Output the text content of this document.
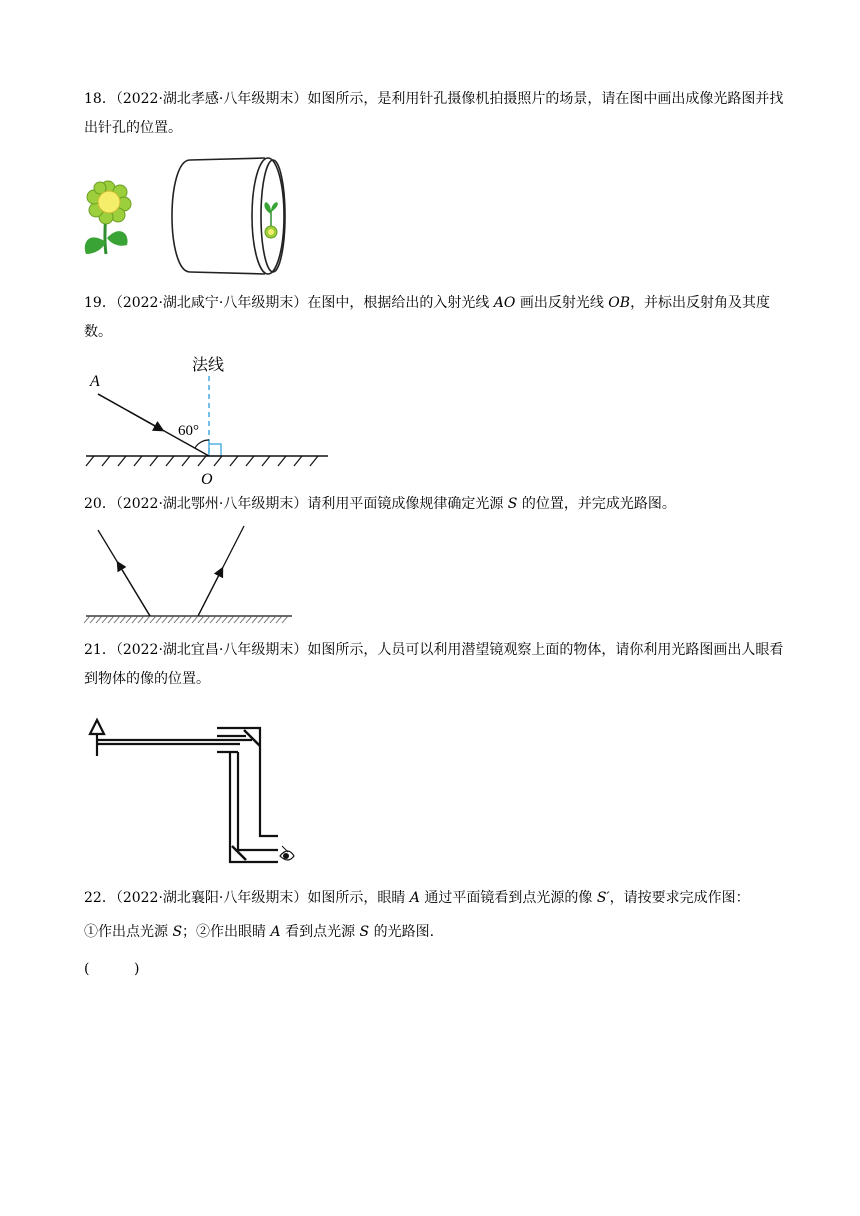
18．（2022·湖北孝感·八年级期末）如图所示，是利用针孔摄像机拍摄照片的场景，请在图中画出成像光路图并找出针孔的位置。

19．（2022·湖北咸宁·八年级期末）在图中，根据给出的入射光线 AO 画出反射光线 OB，并标出反射角及其度数。

法线
A
60°
O

20．（2022·湖北鄂州·八年级期末）请利用平面镜成像规律确定光源 S 的位置，并完成光路图。

21．（2022·湖北宜昌·八年级期末）如图所示，人员可以利用潜望镜观察上面的物体，请你利用光路图画出人眼看到物体的像的位置。

22．（2022·湖北襄阳·八年级期末）如图所示，眼睛 A 通过平面镜看到点光源的像 S′，请按要求完成作图：

①作出点光源 S；②作出眼睛 A 看到点光源 S 的光路图.

(          )
